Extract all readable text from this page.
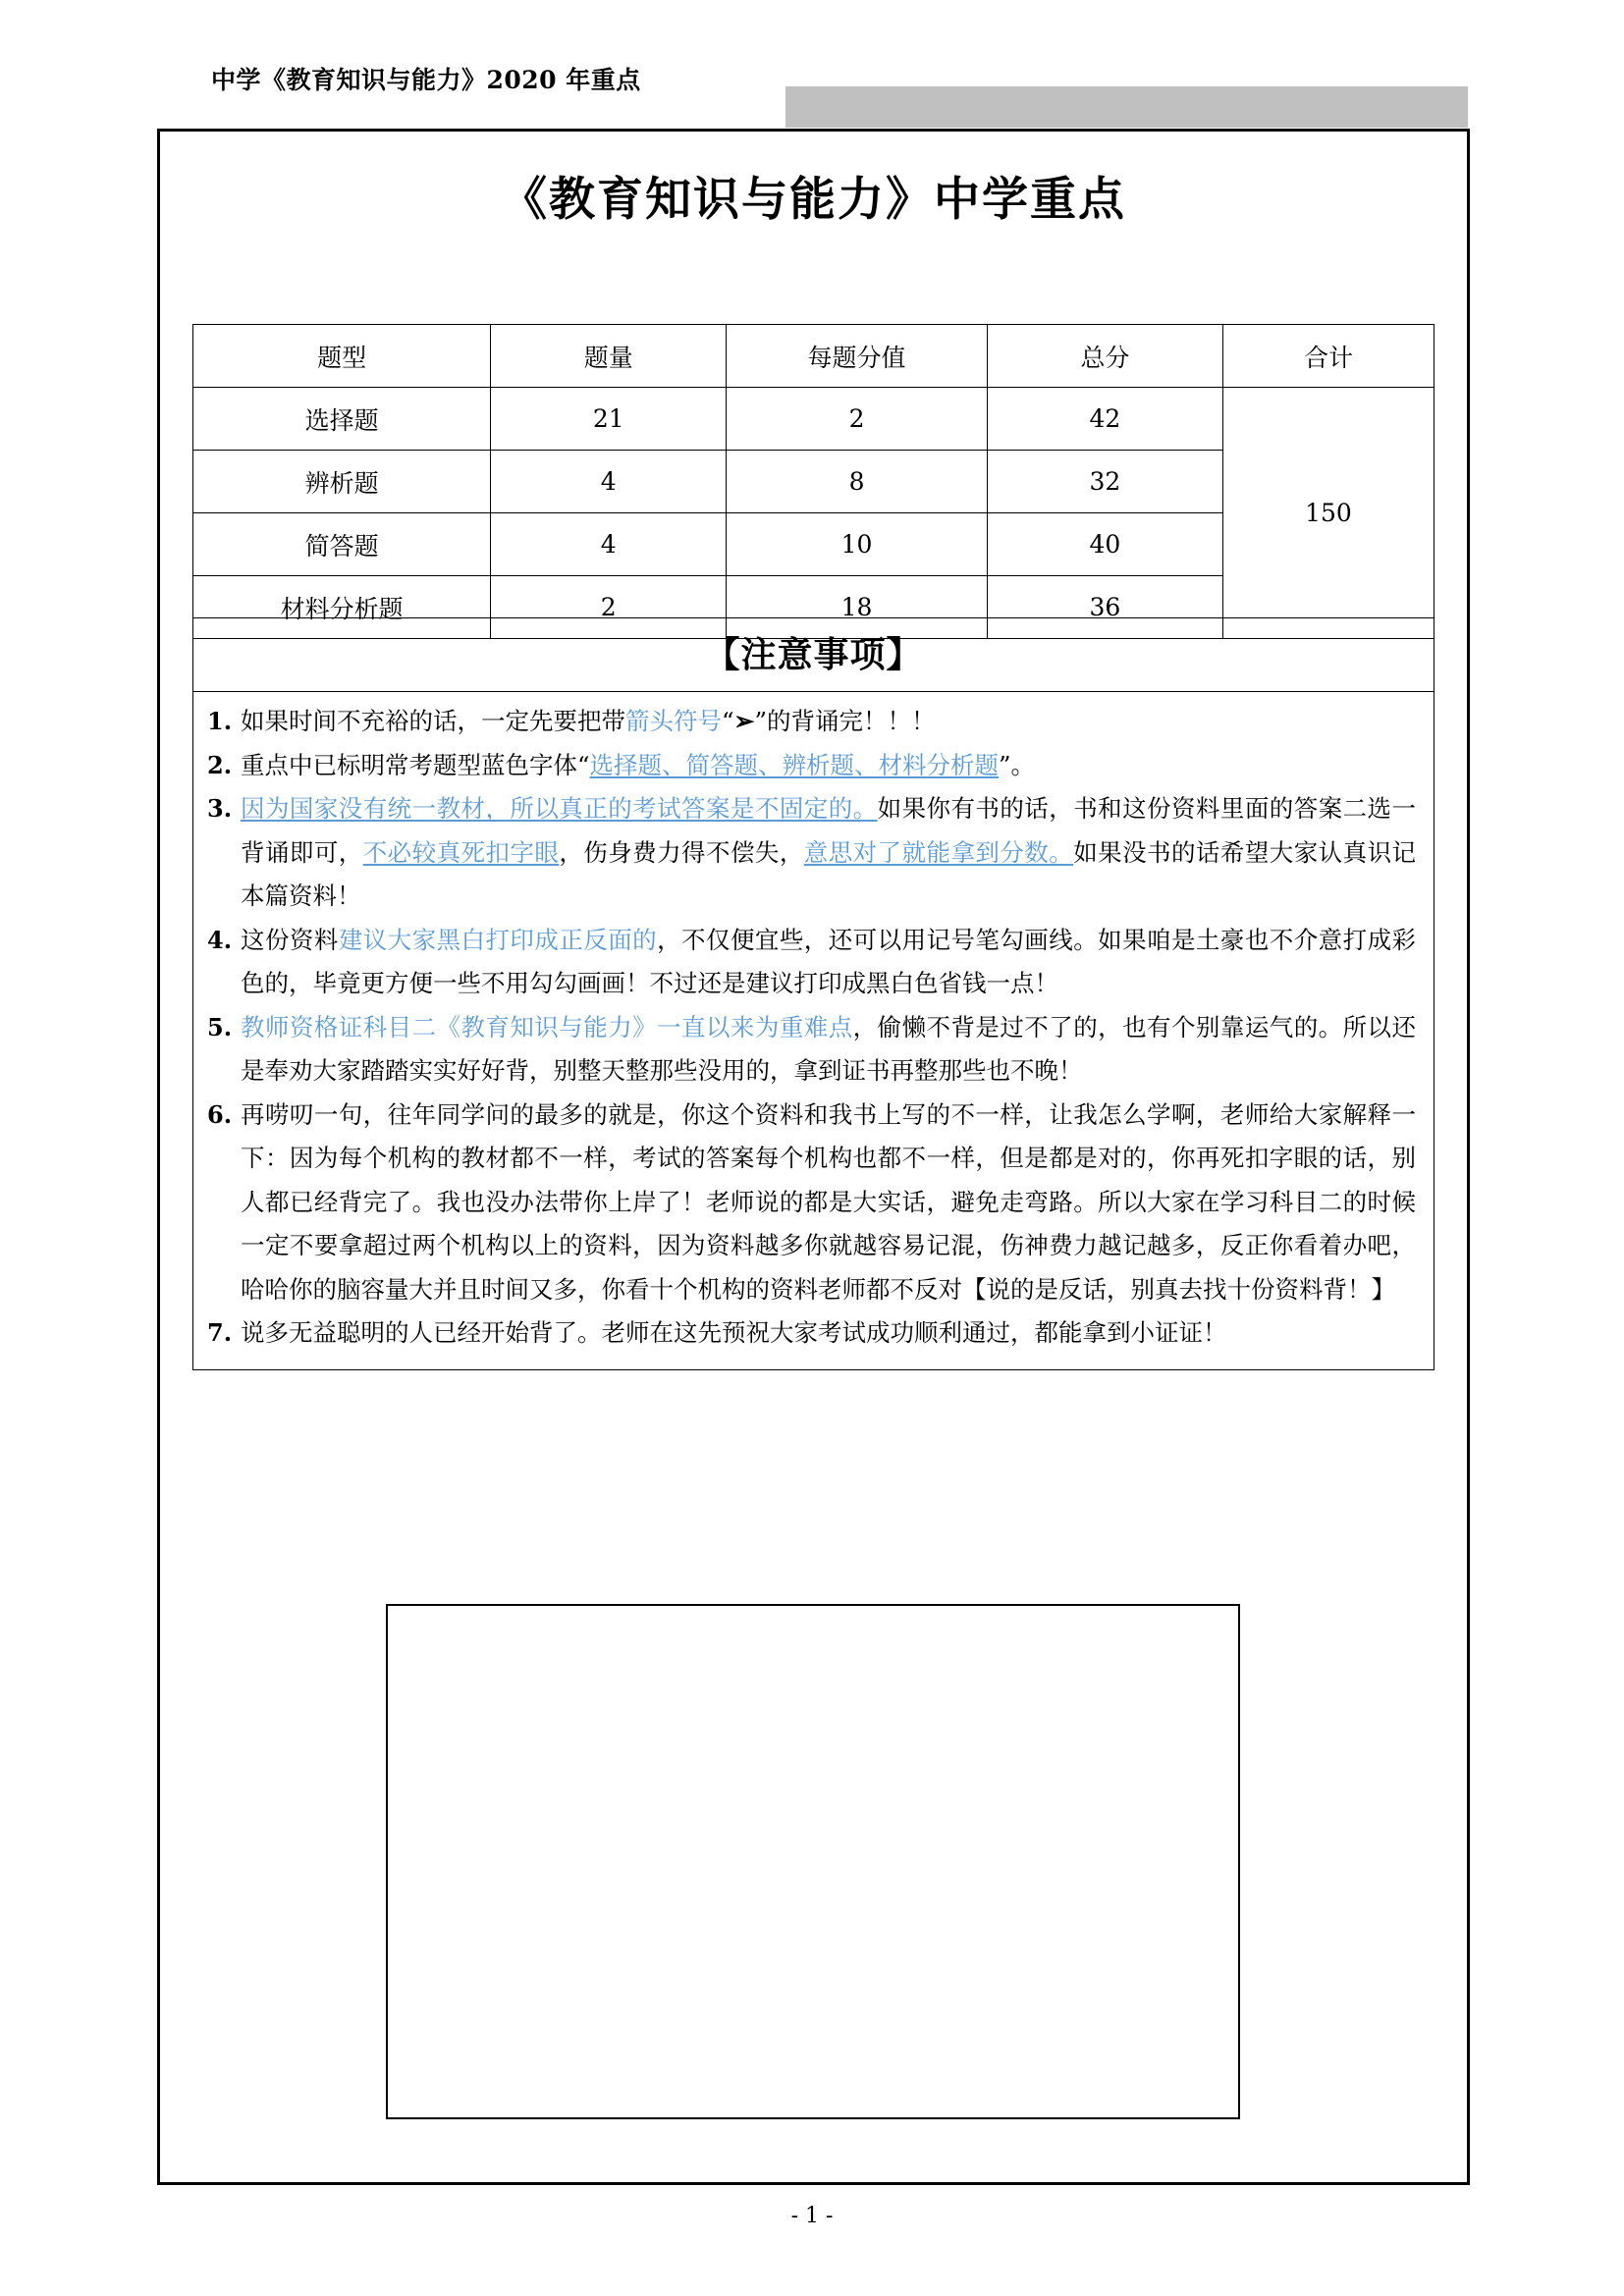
中学《教育知识与能力》2020 年重点
《教育知识与能力》中学重点
题型	题量	每题分值	总分	合计
选择题	21	2	42	150
辨析题	4	8	32	
简答题	4	10	40	
材料分析题	2	18	36	
【注意事项】
1. 如果时间不充裕的话，一定先要把带箭头符号“➢”的背诵完！！！
2. 重点中已标明常考题型蓝色字体“选择题、简答题、辨析题、材料分析题”。
3. 因为国家没有统一教材，所以真正的考试答案是不固定的。如果你有书的话，书和这份资料里面的答案二选一背诵即可，不必较真死扣字眼，伤身费力得不偿失，意思对了就能拿到分数。如果没书的话希望大家认真识记本篇资料！
4. 这份资料建议大家黑白打印成正反面的，不仅便宜些，还可以用记号笔勾画线。如果咱是土豪也不介意打成彩色的，毕竟更方便一些不用勾勾画画！不过还是建议打印成黑白色省钱一点！
5. 教师资格证科目二《教育知识与能力》一直以来为重难点，偷懒不背是过不了的，也有个别靠运气的。所以还是奉劝大家踏踏实实好好背，别整天整那些没用的，拿到证书再整那些也不晚！
6. 再唠叨一句，往年同学问的最多的就是，你这个资料和我书上写的不一样，让我怎么学啊，老师给大家解释一下：因为每个机构的教材都不一样，考试的答案每个机构也都不一样，但是都是对的，你再死扣字眼的话，别人都已经背完了。我也没办法带你上岸了！老师说的都是大实话，避免走弯路。所以大家在学习科目二的时候一定不要拿超过两个机构以上的资料，因为资料越多你就越容易记混，伤神费力越记越多，反正你看着办吧，哈哈你的脑容量大并且时间又多，你看十个机构的资料老师都不反对【说的是反话，别真去找十份资料背！】
7. 说多无益聪明的人已经开始背了。老师在这先预祝大家考试成功顺利通过，都能拿到小证证！
- 1 -
